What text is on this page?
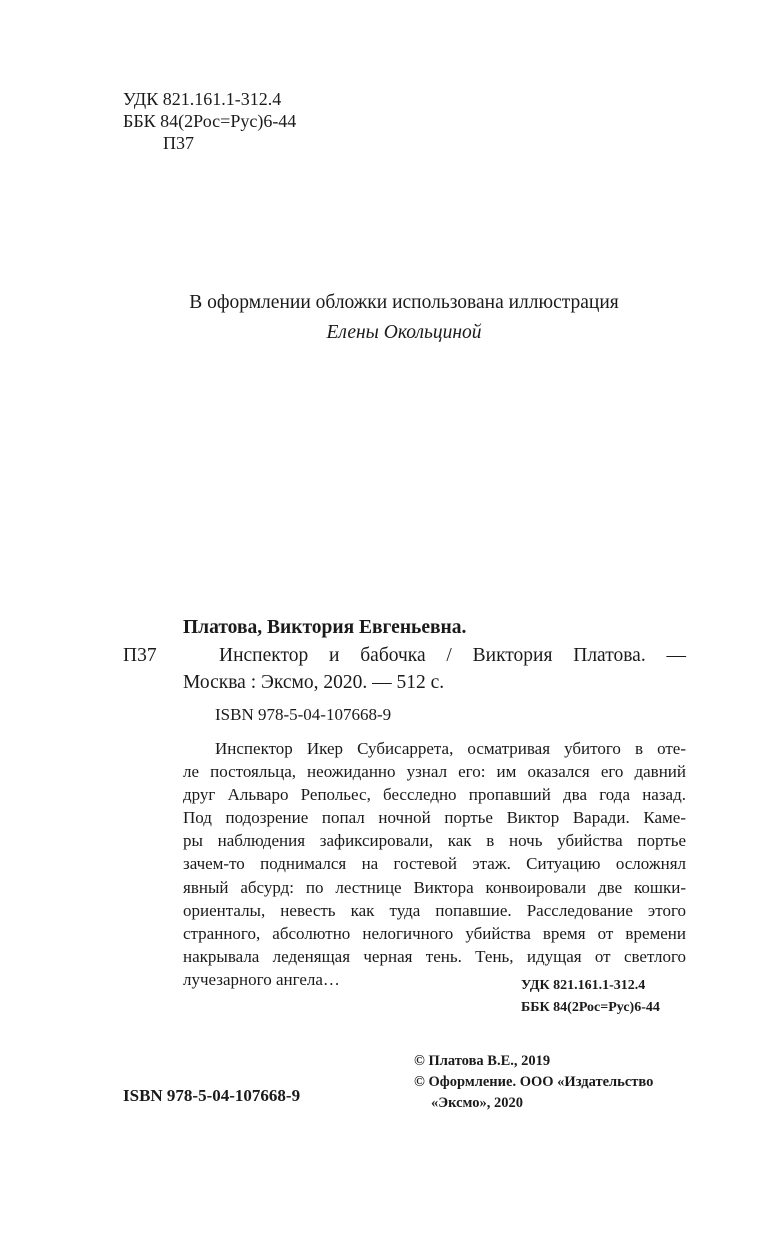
УДК 821.161.1-312.4
ББК 84(2Рос=Рус)6-44
П37
В оформлении обложки использована иллюстрация
Елены Окольциной
Платова, Виктория Евгеньевна.
П37	Инспектор и бабочка / Виктория Платова. —
Москва : Эксмо, 2020. — 512 с.
ISBN 978-5-04-107668-9
Инспектор Икер Субисаррета, осматривая убитого в оте-
ле постояльца, неожиданно узнал его: им оказался его давний
друг Альваро Репольес, бесследно пропавший два года назад.
Под подозрение попал ночной портье Виктор Варади. Каме-
ры наблюдения зафиксировали, как в ночь убийства портье
зачем-то поднимался на гостевой этаж. Ситуацию осложнял
явный абсурд: по лестнице Виктора конвоировали две кошки-
ориенталы, невесть как туда попавшие. Расследование этого
странного, абсолютно нелогичного убийства время от времени
накрывала леденящая черная тень. Тень, идущая от светлого
лучезарного ангела…	УДК 821.161.1-312.4
ББК 84(2Рос=Рус)6-44
© Платова В.Е., 2019
© Оформление. ООО «Издательство
«Эксмо», 2020
ISBN 978-5-04-107668-9
